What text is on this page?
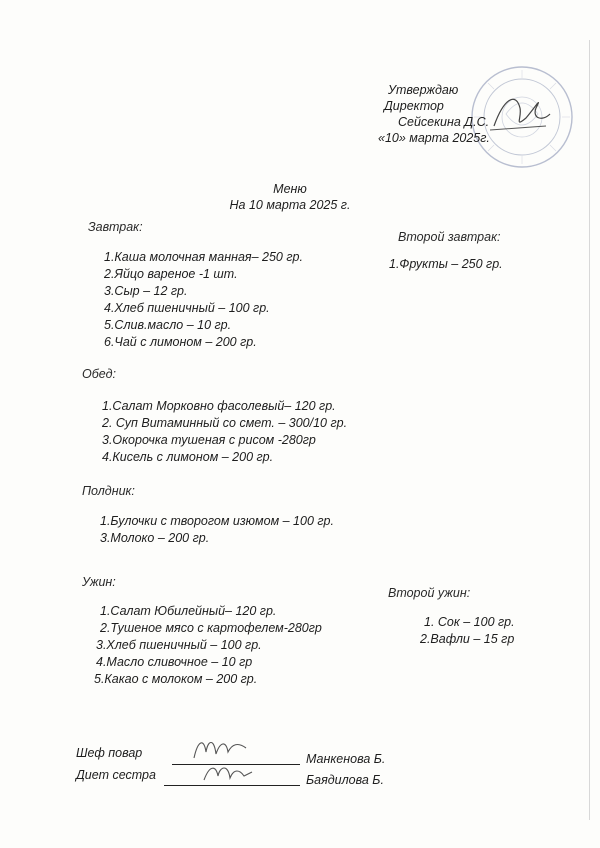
Утверждаю
Директор
Сейсекина Д.С.
«10» марта 2025г.
Меню
На 10 марта 2025 г.
Завтрак:
1.Каша молочная манная– 250 гр.
2.Яйцо вареное -1 шт.
3.Сыр – 12 гр.
4.Хлеб пшеничный – 100 гр.
5.Слив.масло – 10 гр.
6.Чай с лимоном – 200 гр.
Второй завтрак:
1.Фрукты – 250 гр.
Обед:
1.Салат Морковно фасолевый– 120 гр.
2. Суп Витаминный со смет. – 300/10 гр.
3.Окорочка тушеная с рисом -280гр
4.Кисель с лимоном – 200 гр.
Полдник:
1.Булочки с творогом изюмом – 100 гр.
3.Молоко – 200 гр.
Ужин:
1.Салат Юбилейный– 120 гр.
2.Тушеное мясо с картофелем-280гр
3.Хлеб пшеничный – 100 гр.
4.Масло сливочное – 10 гр
5.Какао с молоком – 200 гр.
Второй ужин:
1. Сок – 100 гр.
2.Вафли – 15 гр
Шеф повар	Манкенова Б.
Диет сестра	Баядилова Б.
